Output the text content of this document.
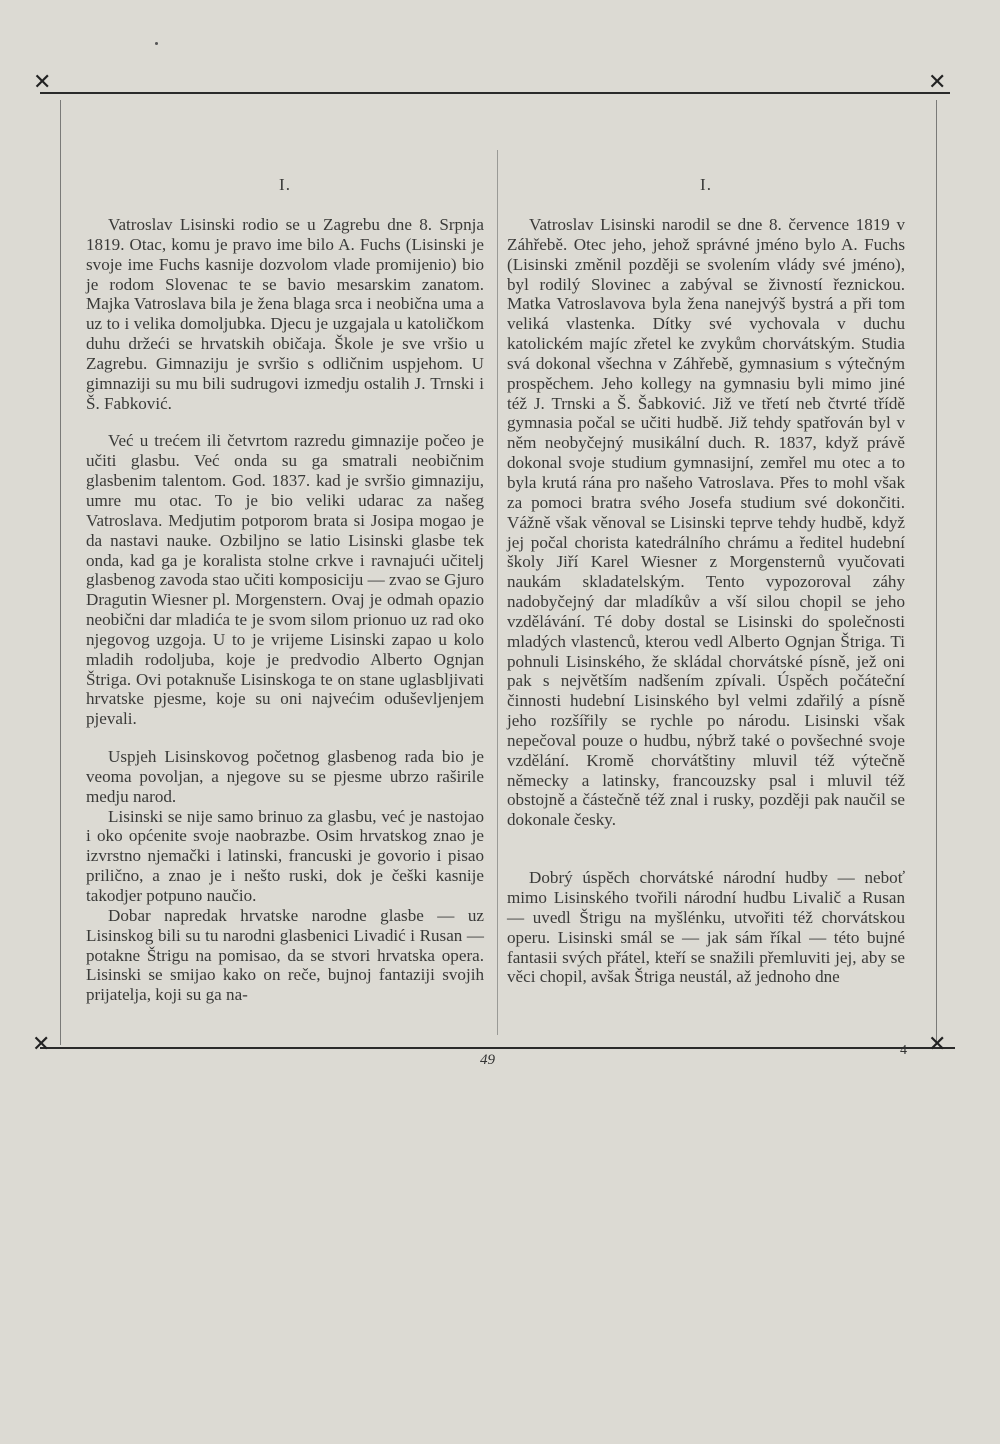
✕	✕
✕	✕
I.

Vatroslav Lisinski rodio se u Zagrebu dne 8. Srpnja 1819. Otac, komu je pravo ime bilo A. Fuchs (Lisinski je svoje ime Fuchs kasnije dozvolom vlade promijenio) bio je rodom Slovenac te se bavio mesarskim zanatom. Majka Vatroslava bila je žena blaga srca i neobična uma a uz to i velika domoljubka. Djecu je uzgajala u katoličkom duhu držeći se hrvatskih običaja. Škole je sve vršio u Zagrebu. Gimnaziju je svršio s odličnim uspjehom. U gimnaziji su mu bili sudrugovi izmedju ostalih J. Trnski i Š. Fabković.

Već u trećem ili četvrtom razredu gimnazije počeo je učiti glasbu. Već onda su ga smatrali neobičnim glasbenim talentom. God. 1837. kad je svršio gimnaziju, umre mu otac. To je bio veliki udarac za našeg Vatroslava. Medjutim potporom brata si Josipa mogao je da nastavi nauke. Ozbiljno se latio Lisinski glasbe tek onda, kad ga je koralista stolne crkve i ravnajući učitelj glasbenog zavoda stao učiti komposiciju — zvao se Gjuro Dragutin Wiesner pl. Morgenstern. Ovaj je odmah opazio neobični dar mladića te je svom silom prionuo uz rad oko njegovog uzgoja. U to je vrijeme Lisinski zapao u kolo mladih rodoljuba, koje je predvodio Alberto Ognjan Štriga. Ovi potaknuše Lisinskoga te on stane uglasbljivati hrvatske pjesme, koje su oni najvećim oduševljenjem pjevali.

Uspjeh Lisinskovog početnog glasbenog rada bio je veoma povoljan, a njegove su se pjesme ubrzo raširile medju narod.

Lisinski se nije samo brinuo za glasbu, već je nastojao i oko općenite svoje naobrazbe. Osim hrvatskog znao je izvrstno njemački i latinski, francuski je govorio i pisao prilično, a znao je i nešto ruski, dok je češki kasnije takodjer potpuno naučio.

Dobar napredak hrvatske narodne glasbe — uz Lisinskog bili su tu narodni glasbenici Livadić i Rusan — potakne Štrigu na pomisao, da se stvori hrvatska opera. Lisinski se smijao kako on reče, bujnoj fantaziji svojih prijatelja, koji su ga na-

I.

Vatroslav Lisinski narodil se dne 8. července 1819 v Záhřebě. Otec jeho, jehož správné jméno bylo A. Fuchs (Lisinski změnil později se svolením vlády své jméno), byl rodilý Slovinec a zabýval se živností řeznickou. Matka Vatroslavova byla žena nanejvýš bystrá a při tom veliká vlastenka. Dítky své vychovala v duchu katolickém majíc zřetel ke zvykům chorvátským. Studia svá dokonal všechna v Záhřebě, gymnasium s výtečným prospěchem. Jeho kollegy na gymnasiu byli mimo jiné též J. Trnski a Š. Šabković. Již ve třetí neb čtvrté třídě gymnasia počal se učiti hudbě. Již tehdy spatřován byl v něm neobyčejný musikální duch. R. 1837, když právě dokonal svoje studium gymnasijní, zemřel mu otec a to byla krutá rána pro našeho Vatroslava. Přes to mohl však za pomoci bratra svého Josefa studium své dokončiti. Vážně však věnoval se Lisinski teprve tehdy hudbě, když jej počal chorista katedrálního chrámu a ředitel hudební školy Jiří Karel Wiesner z Morgensternů vyučovati naukám skladatelským. Tento vypozoroval záhy nadobyčejný dar mladíkův a vší silou chopil se jeho vzdělávání. Té doby dostal se Lisinski do společnosti mladých vlastenců, kterou vedl Alberto Ognjan Štriga. Ti pohnuli Lisinského, že skládal chorvátské písně, jež oni pak s největším nadšením zpívali. Úspěch počáteční činnosti hudební Lisinského byl velmi zdařilý a písně jeho rozšířily se rychle po národu. Lisinski však nepečoval pouze o hudbu, nýbrž také o povšechné svoje vzdělání. Kromě chorvátštiny mluvil též výtečně německy a latinsky, francouzsky psal i mluvil též obstojně a částečně též znal i rusky, později pak naučil se dokonale česky.

Dobrý úspěch chorvátské národní hudby — neboť mimo Lisinského tvořili národní hudbu Livalič a Rusan — uvedl Štrigu na myšlénku, utvořiti též chorvátskou operu. Lisinski smál se — jak sám říkal — této bujné fantasii svých přátel, kteří se snažili přemluviti jej, aby se věci chopil, avšak Štriga neustál, až jednoho dne

49
4
